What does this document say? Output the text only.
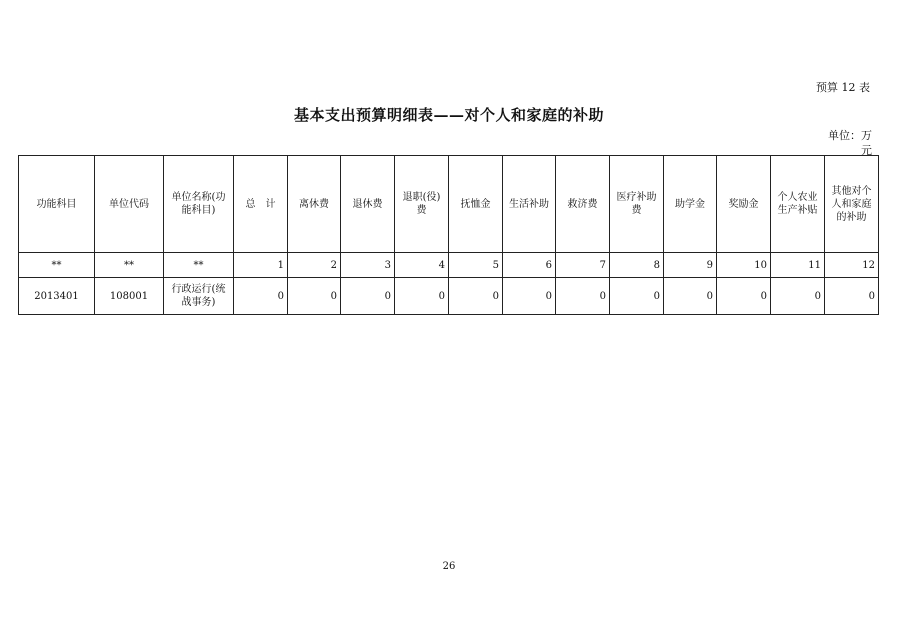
预算 12 表
基本支出预算明细表——对个人和家庭的补助
单位：万元
功能科目	单位代码	单位名称(功能科目)	总　计	离休费	退休费	退职(役)费	抚恤金	生活补助	救济费	医疗补助费	助学金	奖励金	个人农业生产补贴	其他对个人和家庭的补助
**	**	**	1	2	3	4	5	6	7	8	9	10	11	12
2013401	108001	行政运行(统战事务)	0	0	0	0	0	0	0	0	0	0	0	0
26
